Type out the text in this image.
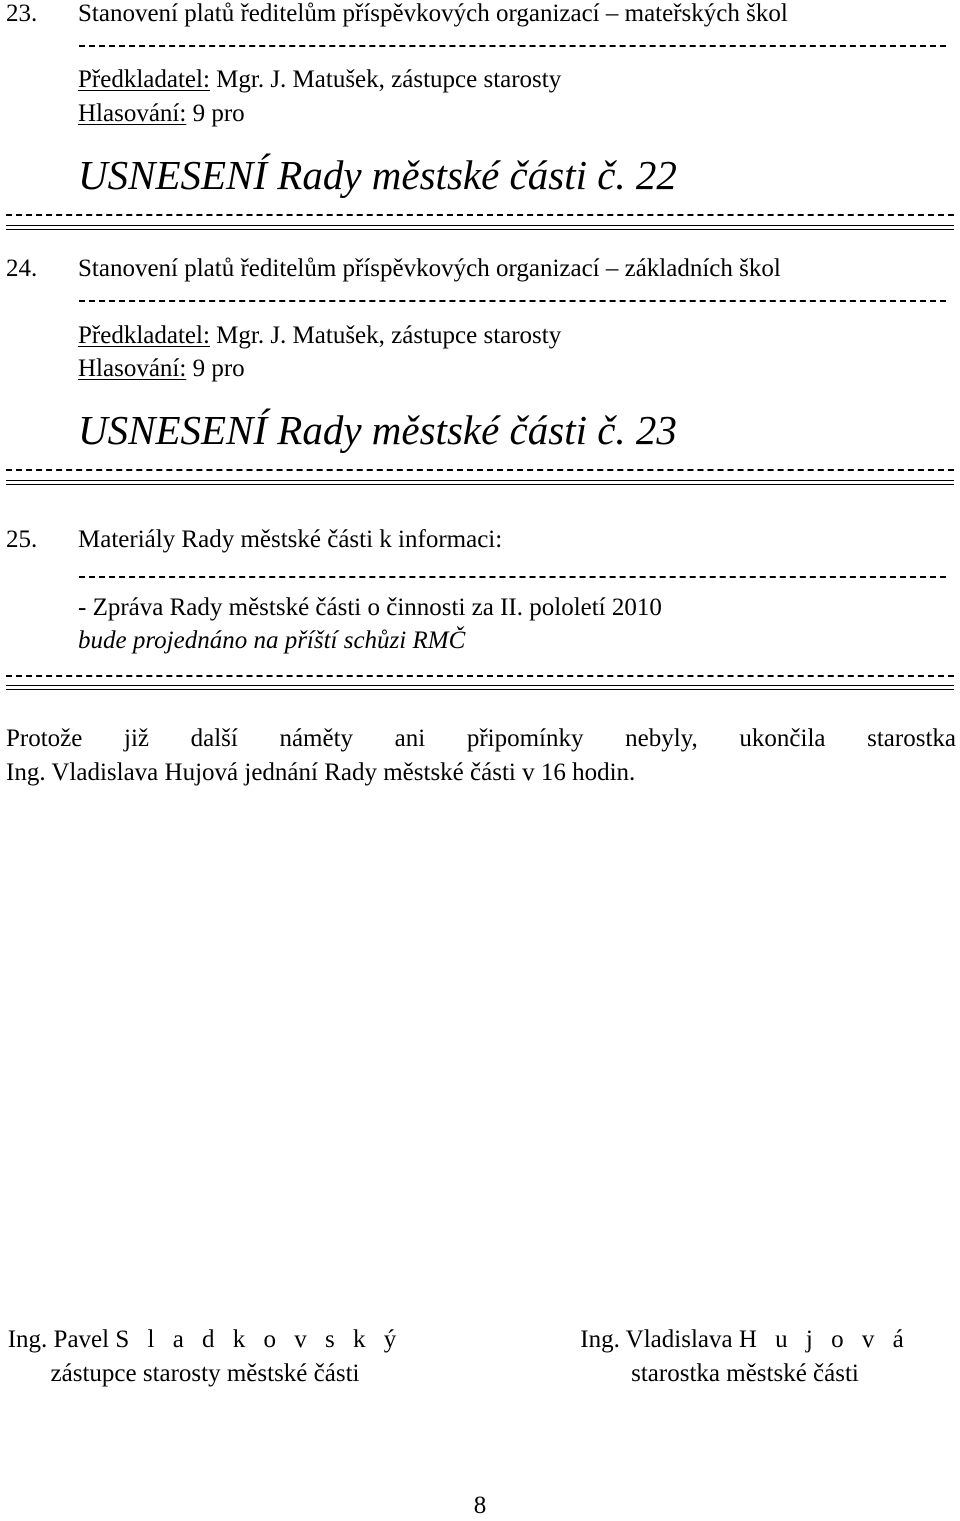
23. Stanovení platů ředitelům příspěvkových organizací – mateřských škol
Předkladatel: Mgr. J. Matušek, zástupce starosty
Hlasování: 9 pro
USNESENÍ Rady městské části č. 22
24. Stanovení platů ředitelům příspěvkových organizací – základních škol
Předkladatel: Mgr. J. Matušek, zástupce starosty
Hlasování: 9 pro
USNESENÍ Rady městské části č. 23
25. Materiály Rady městské části k informaci:
- Zpráva Rady městské části o činnosti za II. pololetí 2010
bude projednáno na příští schůzi RMČ
Protože již další náměty ani připomínky nebyly, ukončila starostka
Ing. Vladislava Hujová jednání Rady městské části v 16 hodin.
Ing. Pavel S l a d k o v s k ý
zástupce starosty městské části
Ing. Vladislava H u j o v á
starostka městské části
8
